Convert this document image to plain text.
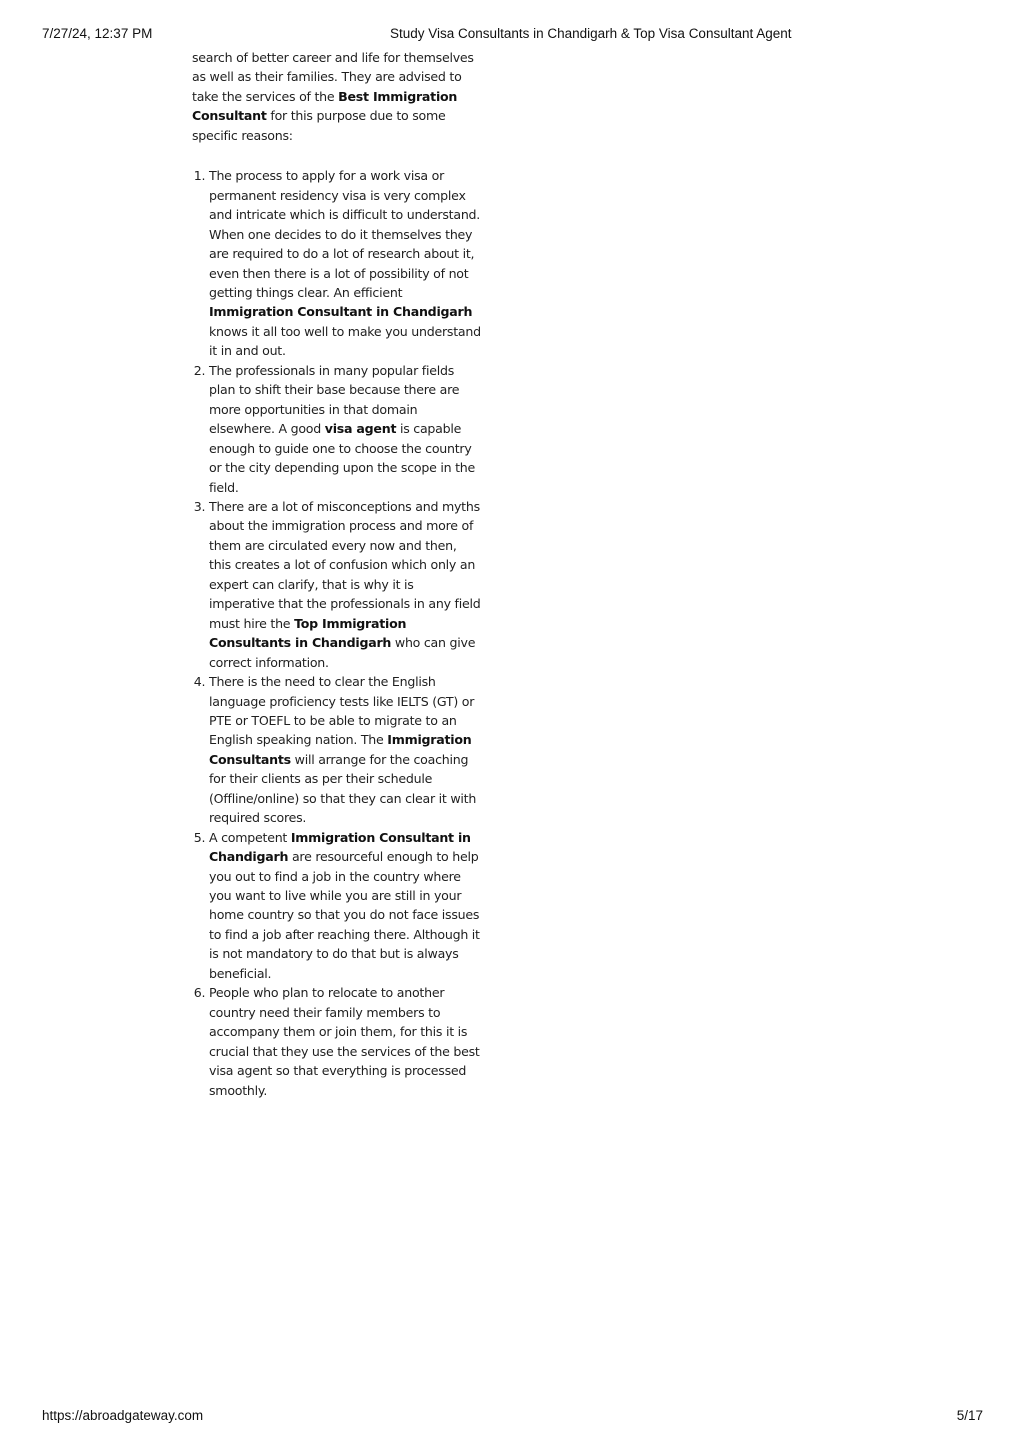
7/27/24, 12:37 PM	Study Visa Consultants in Chandigarh & Top Visa Consultant Agent

search of better career and life for themselves as well as their families. They are advised to take the services of the Best Immigration Consultant for this purpose due to some specific reasons:

1. The process to apply for a work visa or permanent residency visa is very complex and intricate which is difficult to understand. When one decides to do it themselves they are required to do a lot of research about it, even then there is a lot of possibility of not getting things clear. An efficient Immigration Consultant in Chandigarh knows it all too well to make you understand it in and out.
2. The professionals in many popular fields plan to shift their base because there are more opportunities in that domain elsewhere. A good visa agent is capable enough to guide one to choose the country or the city depending upon the scope in the field.
3. There are a lot of misconceptions and myths about the immigration process and more of them are circulated every now and then, this creates a lot of confusion which only an expert can clarify, that is why it is imperative that the professionals in any field must hire the Top Immigration Consultants in Chandigarh who can give correct information.
4. There is the need to clear the English language proficiency tests like IELTS (GT) or PTE or TOEFL to be able to migrate to an English speaking nation. The Immigration Consultants will arrange for the coaching for their clients as per their schedule (Offline/online) so that they can clear it with required scores.
5. A competent Immigration Consultant in Chandigarh are resourceful enough to help you out to find a job in the country where you want to live while you are still in your home country so that you do not face issues to find a job after reaching there. Although it is not mandatory to do that but is always beneficial.
6. People who plan to relocate to another country need their family members to accompany them or join them, for this it is crucial that they use the services of the best visa agent so that everything is processed smoothly.
https://abroadgateway.com	5/17
